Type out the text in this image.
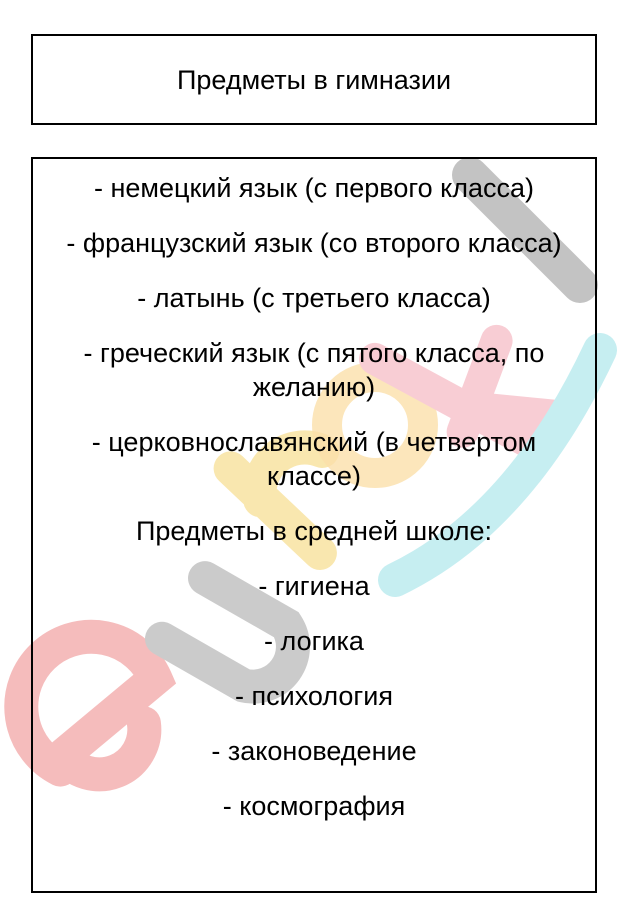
Предметы в гимназии
- немецкий язык (с первого класса)
- французский язык (со второго класса)
- латынь (с третьего класса)
- греческий язык (с пятого класса, по желанию)
- церковнославянский (в четвертом классе)
Предметы в средней школе:
- гигиена
- логика
- психология
- законоведение
- космография
